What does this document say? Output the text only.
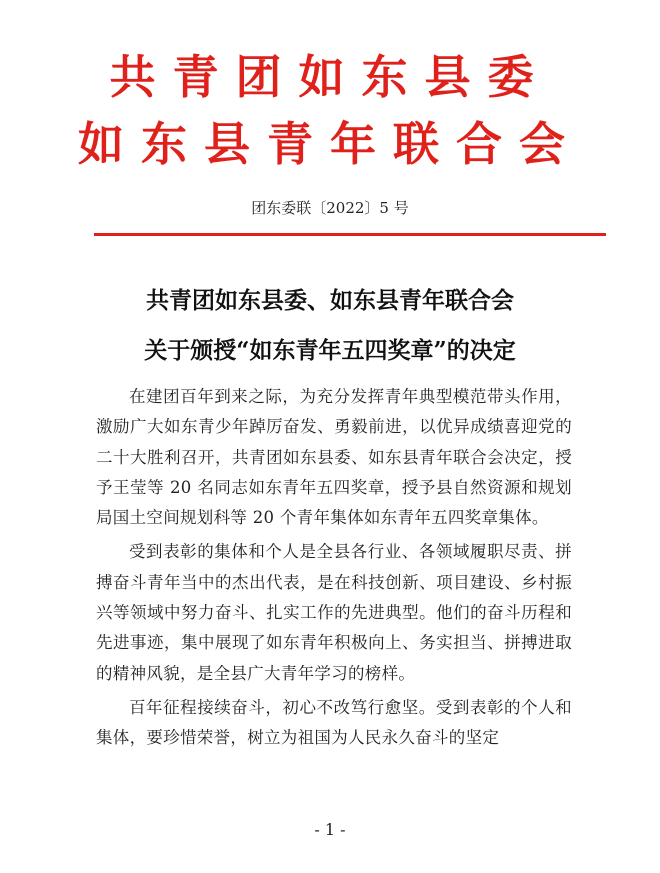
共青团如东县委
如东县青年联合会
团东委联〔2022〕5 号
共青团如东县委、如东县青年联合会
关于颁授“如东青年五四奖章”的决定

在建团百年到来之际，为充分发挥青年典型模范带头作用，激励广大如东青少年踔厉奋发、勇毅前进，以优异成绩喜迎党的二十大胜利召开，共青团如东县委、如东县青年联合会决定，授予王莹等 20 名同志如东青年五四奖章，授予县自然资源和规划局国土空间规划科等 20 个青年集体如东青年五四奖章集体。

受到表彰的集体和个人是全县各行业、各领域履职尽责、拼搏奋斗青年当中的杰出代表，是在科技创新、项目建设、乡村振兴等领域中努力奋斗、扎实工作的先进典型。他们的奋斗历程和先进事迹，集中展现了如东青年积极向上、务实担当、拼搏进取的精神风貌，是全县广大青年学习的榜样。

百年征程接续奋斗，初心不改笃行愈坚。受到表彰的个人和集体，要珍惜荣誉，树立为祖国为人民永久奋斗的坚定

- 1 -
